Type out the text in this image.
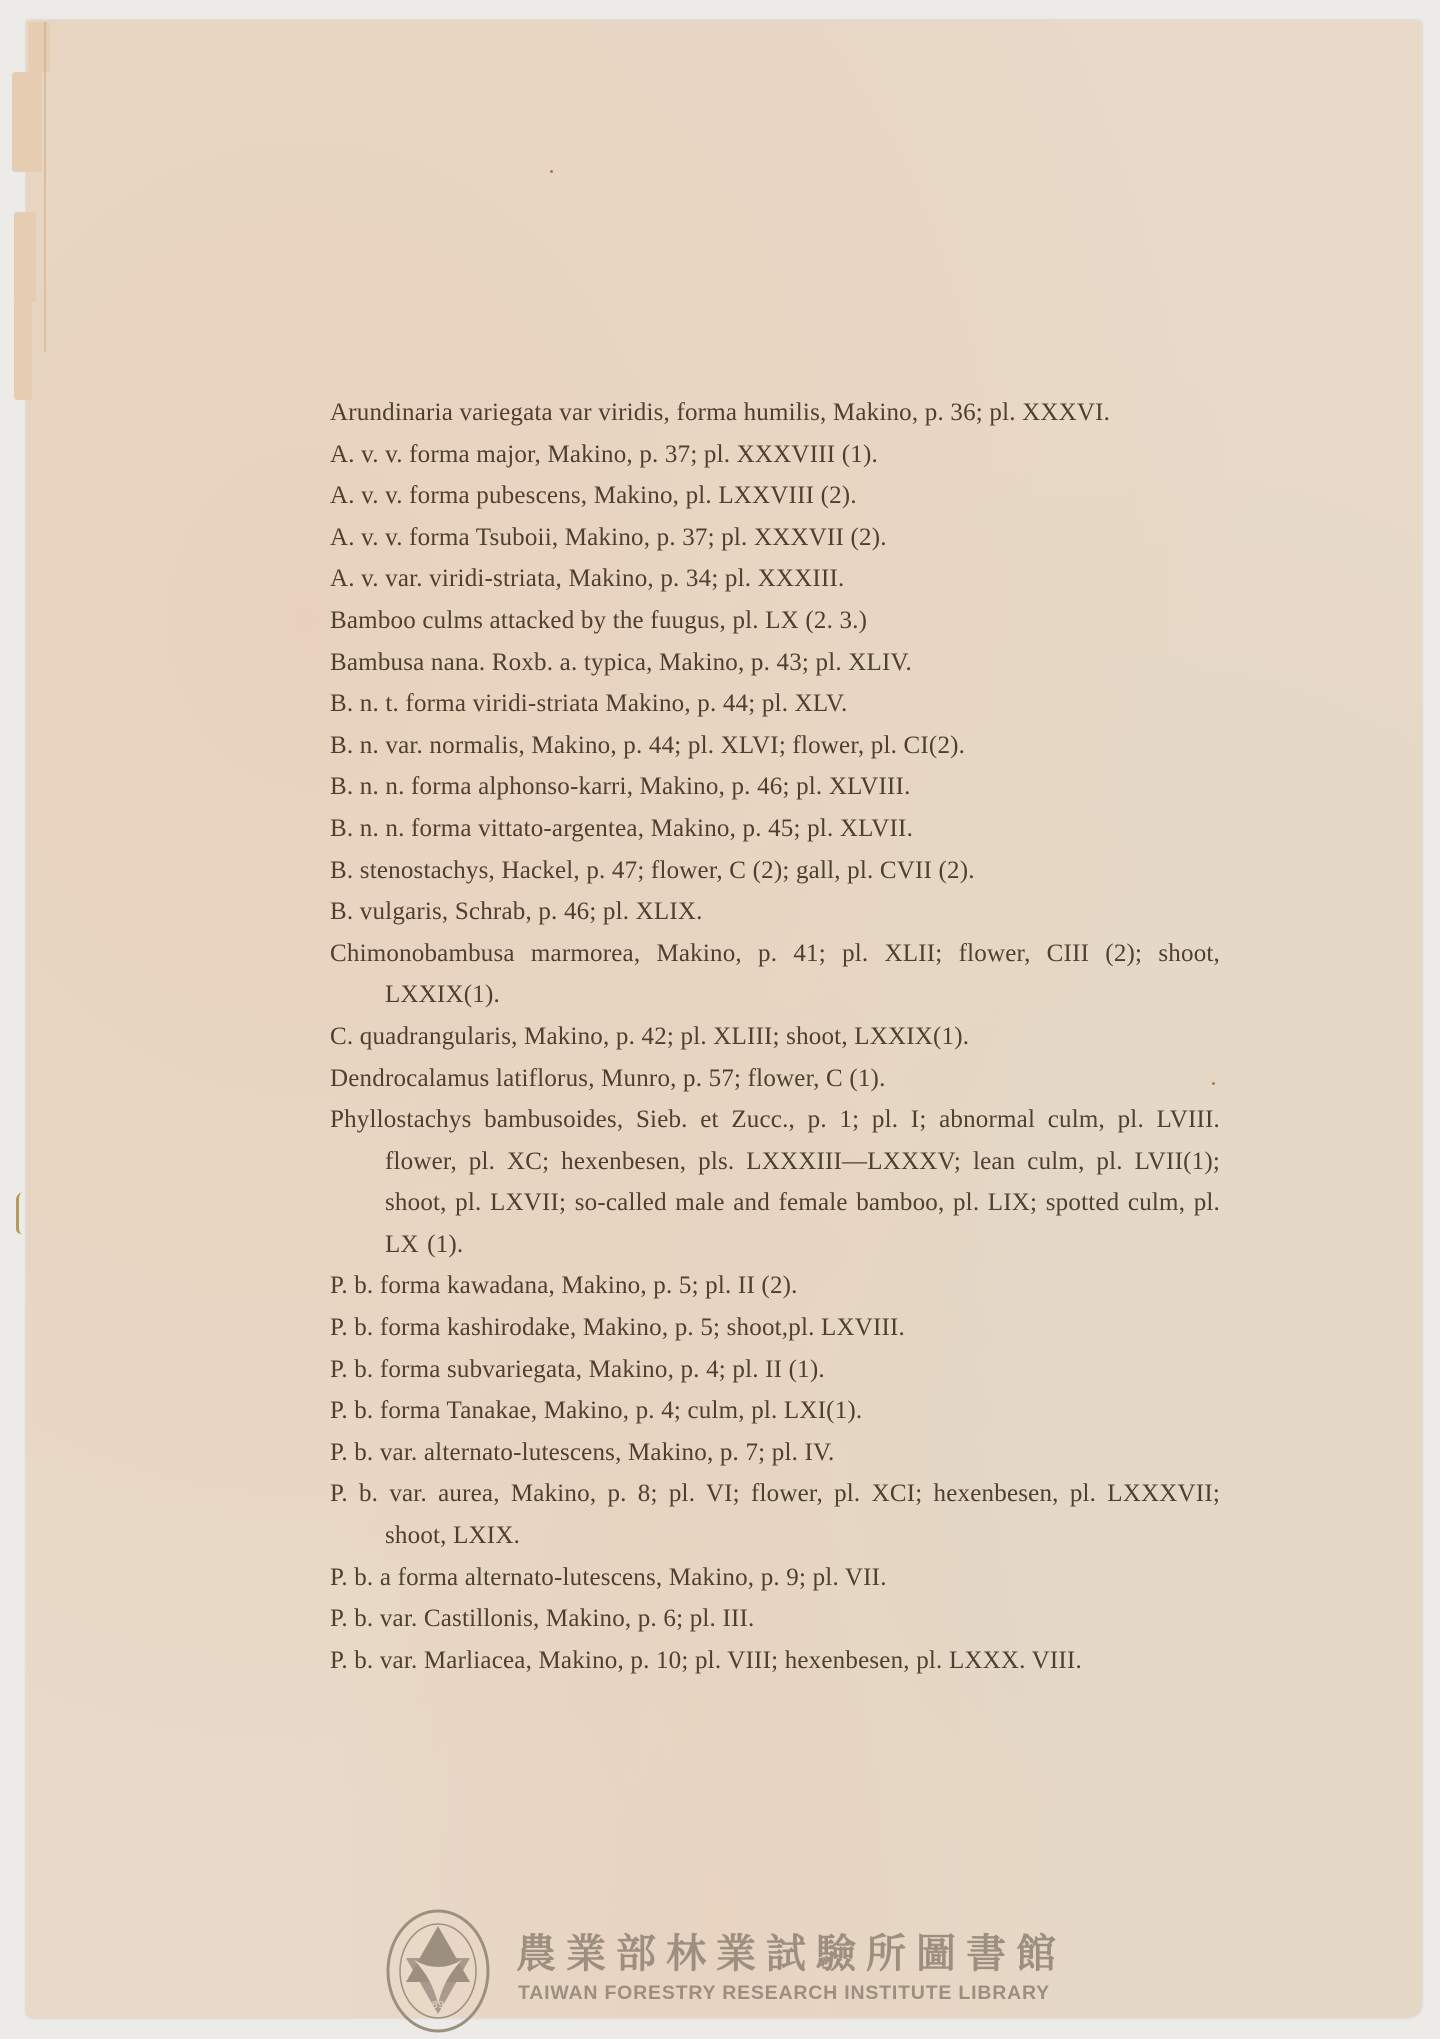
Arundinaria variegata var viridis, forma humilis, Makino, p. 36; pl. XXXVI.

A. v. v. forma major, Makino, p. 37; pl. XXXVIII (1).

A. v. v. forma pubescens, Makino, pl. LXXVIII (2).

A. v. v. forma Tsuboii, Makino, p. 37; pl. XXXVII (2).

A. v. var. viridi-striata, Makino, p. 34; pl. XXXIII.

Bamboo culms attacked by the fuugus, pl. LX (2. 3.)

Bambusa nana. Roxb. a. typica, Makino, p. 43; pl. XLIV.

B. n. t. forma viridi-striata Makino, p. 44; pl. XLV.

B. n. var. normalis, Makino, p. 44; pl. XLVI; flower, pl. CI(2).

B. n. n. forma alphonso-karri, Makino, p. 46; pl. XLVIII.

B. n. n. forma vittato-argentea, Makino, p. 45; pl. XLVII.

B. stenostachys, Hackel, p. 47; flower, C (2); gall, pl. CVII (2).

B. vulgaris, Schrab, p. 46; pl. XLIX.

Chimonobambusa marmorea, Makino, p. 41; pl. XLII; flower, CIII (2); shoot, LXXIX(1).

C. quadrangularis, Makino, p. 42; pl. XLIII; shoot, LXXIX(1).

Dendrocalamus latiflorus, Munro, p. 57; flower, C (1).

Phyllostachys bambusoides, Sieb. et Zucc., p. 1; pl. I; abnormal culm, pl. LVIII. flower, pl. XC; hexenbesen, pls. LXXXIII—LXXXV; lean culm, pl. LVII(1); shoot, pl. LXVII; so-called male and female bamboo, pl. LIX; spotted culm, pl. LX (1).

P. b. forma kawadana, Makino, p. 5; pl. II (2).

P. b. forma kashirodake, Makino, p. 5; shoot,pl. LXVIII.

P. b. forma subvariegata, Makino, p. 4; pl. II (1).

P. b. forma Tanakae, Makino, p. 4; culm, pl. LXI(1).

P. b. var. alternato-lutescens, Makino, p. 7; pl. IV.

P. b. var. aurea, Makino, p. 8; pl. VI; flower, pl. XCI; hexenbesen, pl. LXXXVII; shoot, LXIX.

P. b. a forma alternato-lutescens, Makino, p. 9; pl. VII.

P. b. var. Castillonis, Makino, p. 6; pl. III.

P. b. var. Marliacea, Makino, p. 10; pl. VIII; hexenbesen, pl. LXXX. VIII.

1896
農業部林業試驗所圖書館
TAIWAN FORESTRY RESEARCH INSTITUTE LIBRARY
